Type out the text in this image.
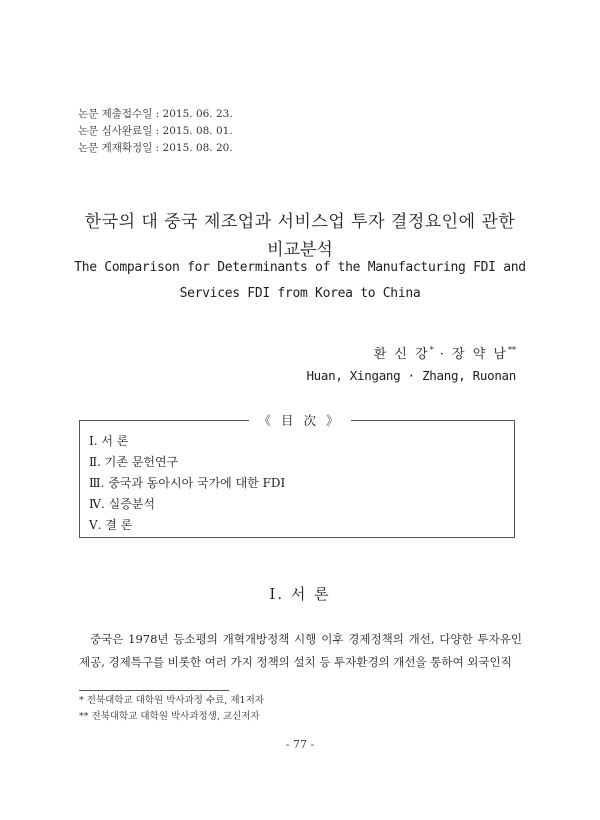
논문 제출접수일 : 2015. 06. 23.
논문 심사완료일 : 2015. 08. 01.
논문 게재확정일 : 2015. 08. 20.
한국의 대 중국 제조업과 서비스업 투자 결정요인에 관한
비교분석
The Comparison for Determinants of the Manufacturing FDI and
Services FDI from Korea to China
환 신 강* · 장 약 남**
Huan, Xingang · Zhang, Ruonan
《 目 次 》
Ⅰ. 서 론
Ⅱ. 기존 문헌연구
Ⅲ. 중국과 동아시아 국가에 대한 FDI
Ⅳ. 실증분석
Ⅴ. 결 론
Ⅰ. 서 론
중국은 1978년 등소평의 개혁개방정책 시행 이후 경제정책의 개선, 다양한 투자유인 제공, 경제특구를 비롯한 여러 가지 정책의 설치 등 투자환경의 개선을 통하여 외국인직
* 전북대학교 대학원 박사과정 수료, 제1저자
** 전북대학교 대학원 박사과정생, 교신저자
- 77 -
